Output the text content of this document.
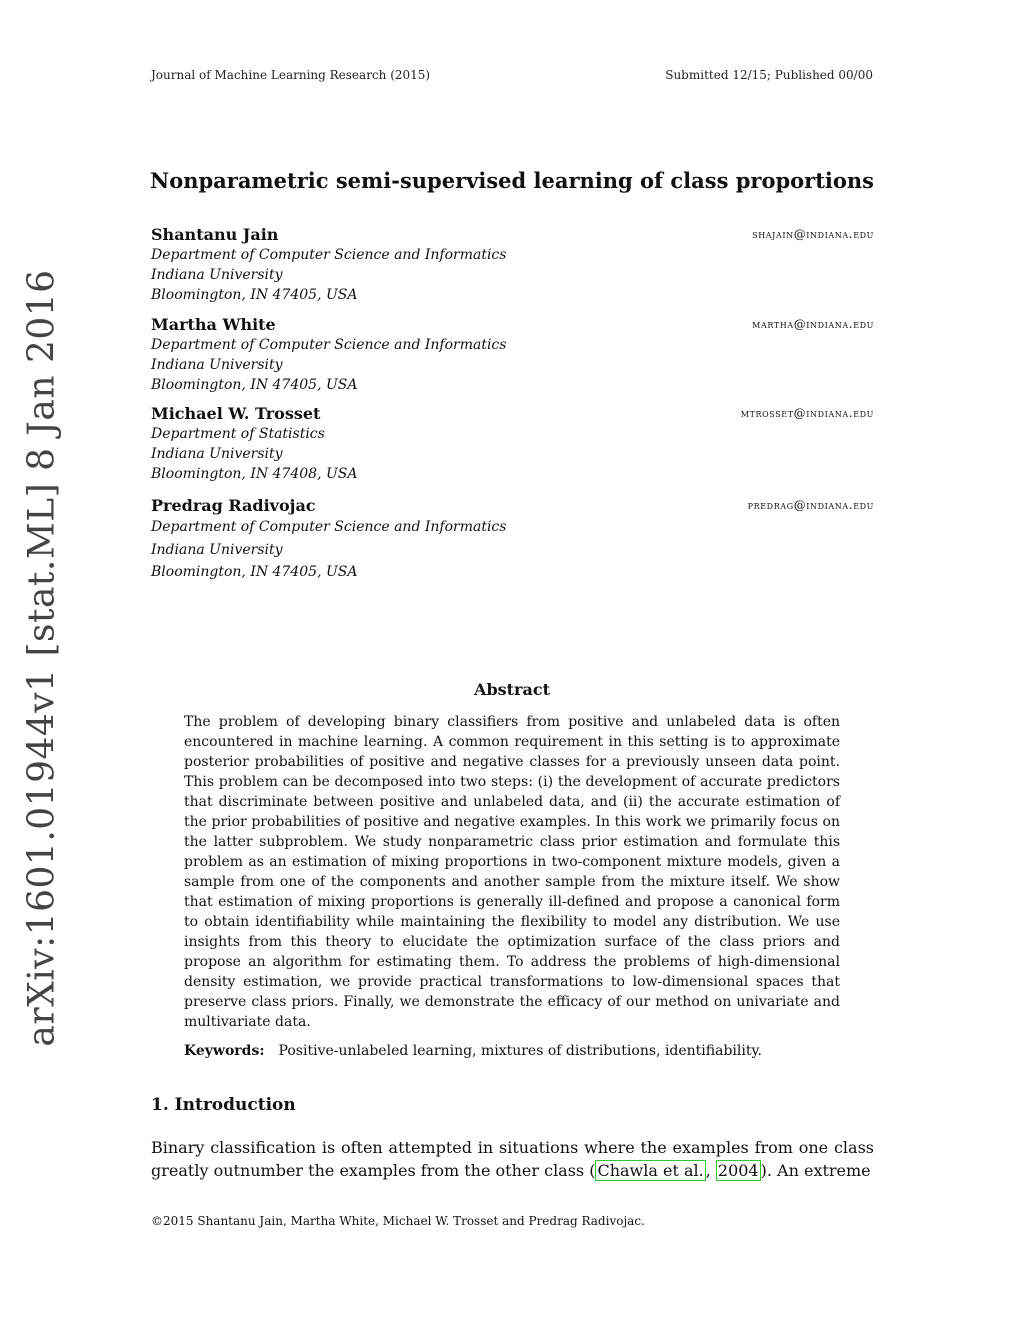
Journal of Machine Learning Research (2015)	Submitted 12/15; Published 00/00
arXiv:1601.01944v1 [stat.ML] 8 Jan 2016
Nonparametric semi-supervised learning of class proportions
Shantanu Jain	shajain@indiana.edu
Department of Computer Science and Informatics
Indiana University
Bloomington, IN 47405, USA
Martha White	martha@indiana.edu
Department of Computer Science and Informatics
Indiana University
Bloomington, IN 47405, USA
Michael W. Trosset	mtrosset@indiana.edu
Department of Statistics
Indiana University
Bloomington, IN 47408, USA
Predrag Radivojac	predrag@indiana.edu
Department of Computer Science and Informatics
Indiana University
Bloomington, IN 47405, USA
Abstract
The problem of developing binary classifiers from positive and unlabeled data is often encountered in machine learning. A common requirement in this setting is to approximate posterior probabilities of positive and negative classes for a previously unseen data point. This problem can be decomposed into two steps: (i) the development of accurate predictors that discriminate between positive and unlabeled data, and (ii) the accurate estimation of the prior probabilities of positive and negative examples. In this work we primarily focus on the latter subproblem. We study nonparametric class prior estimation and formulate this problem as an estimation of mixing proportions in two-component mixture models, given a sample from one of the components and another sample from the mixture itself. We show that estimation of mixing proportions is generally ill-defined and propose a canonical form to obtain identifiability while maintaining the flexibility to model any distribution. We use insights from this theory to elucidate the optimization surface of the class priors and propose an algorithm for estimating them. To address the problems of high-dimensional density estimation, we provide practical transformations to low-dimensional spaces that preserve class priors. Finally, we demonstrate the efficacy of our method on univariate and multivariate data.
Keywords: Positive-unlabeled learning, mixtures of distributions, identifiability.
1. Introduction
Binary classification is often attempted in situations where the examples from one class greatly outnumber the examples from the other class ( Chawla et al. , 2004 ). An extreme
©2015 Shantanu Jain, Martha White, Michael W. Trosset and Predrag Radivojac.
